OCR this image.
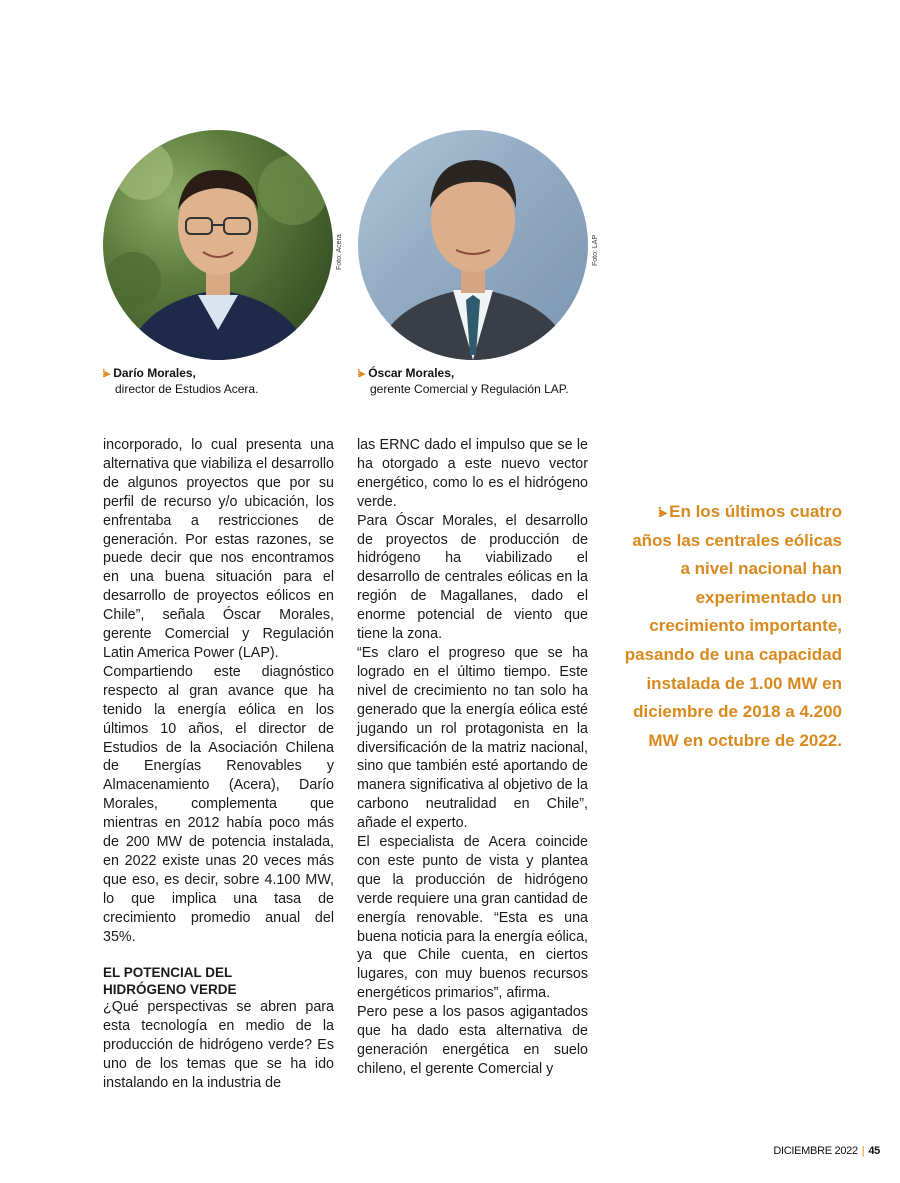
Foto: Acera	Foto: LAP
⁞▸ Darío Morales,
director de Estudios Acera.
⁞▸ Óscar Morales,
gerente Comercial y Regulación LAP.

incorporado, lo cual presenta una alternativa que viabiliza el desarrollo de algunos proyectos que por su perfil de recurso y/o ubicación, los enfrentaba a restricciones de generación. Por estas razones, se puede decir que nos encontramos en una buena situación para el desarrollo de proyectos eólicos en Chile”, señala Óscar Morales, gerente Comercial y Regulación Latin America Power (LAP).

Compartiendo este diagnóstico respecto al gran avance que ha tenido la energía eólica en los últimos 10 años, el director de Estudios de la Asociación Chilena de Energías Renovables y Almacenamiento (Acera), Darío Morales, complementa que mientras en 2012 había poco más de 200 MW de potencia instalada, en 2022 existe unas 20 veces más que eso, es decir, sobre 4.100 MW, lo que implica una tasa de crecimiento promedio anual del 35%.

EL POTENCIAL DEL
HIDRÓGENO VERDE

¿Qué perspectivas se abren para esta tecnología en medio de la producción de hidrógeno verde? Es uno de los temas que se ha ido instalando en la industria de

las ERNC dado el impulso que se le ha otorgado a este nuevo vector energético, como lo es el hidrógeno verde.

Para Óscar Morales, el desarrollo de proyectos de producción de hidrógeno ha viabilizado el desarrollo de centrales eólicas en la región de Magallanes, dado el enorme potencial de viento que tiene la zona.

“Es claro el progreso que se ha logrado en el último tiempo. Este nivel de crecimiento no tan solo ha generado que la energía eólica esté jugando un rol protagonista en la diversificación de la matriz nacional, sino que también esté aportando de manera significativa al objetivo de la carbono neutralidad en Chile”, añade el experto.

El especialista de Acera coincide con este punto de vista y plantea que la producción de hidrógeno verde requiere una gran cantidad de energía renovable. “Esta es una buena noticia para la energía eólica, ya que Chile cuenta, en ciertos lugares, con muy buenos recursos energéticos primarios”, afirma.

Pero pese a los pasos agigantados que ha dado esta alternativa de generación energética en suelo chileno, el gerente Comercial y

⁞▸ En los últimos cuatro años las centrales eólicas a nivel nacional han experimentado un crecimiento importante, pasando de una capacidad instalada de 1.00 MW en diciembre de 2018 a 4.200 MW en octubre de 2022.
DICIEMBRE 2022 | 45
